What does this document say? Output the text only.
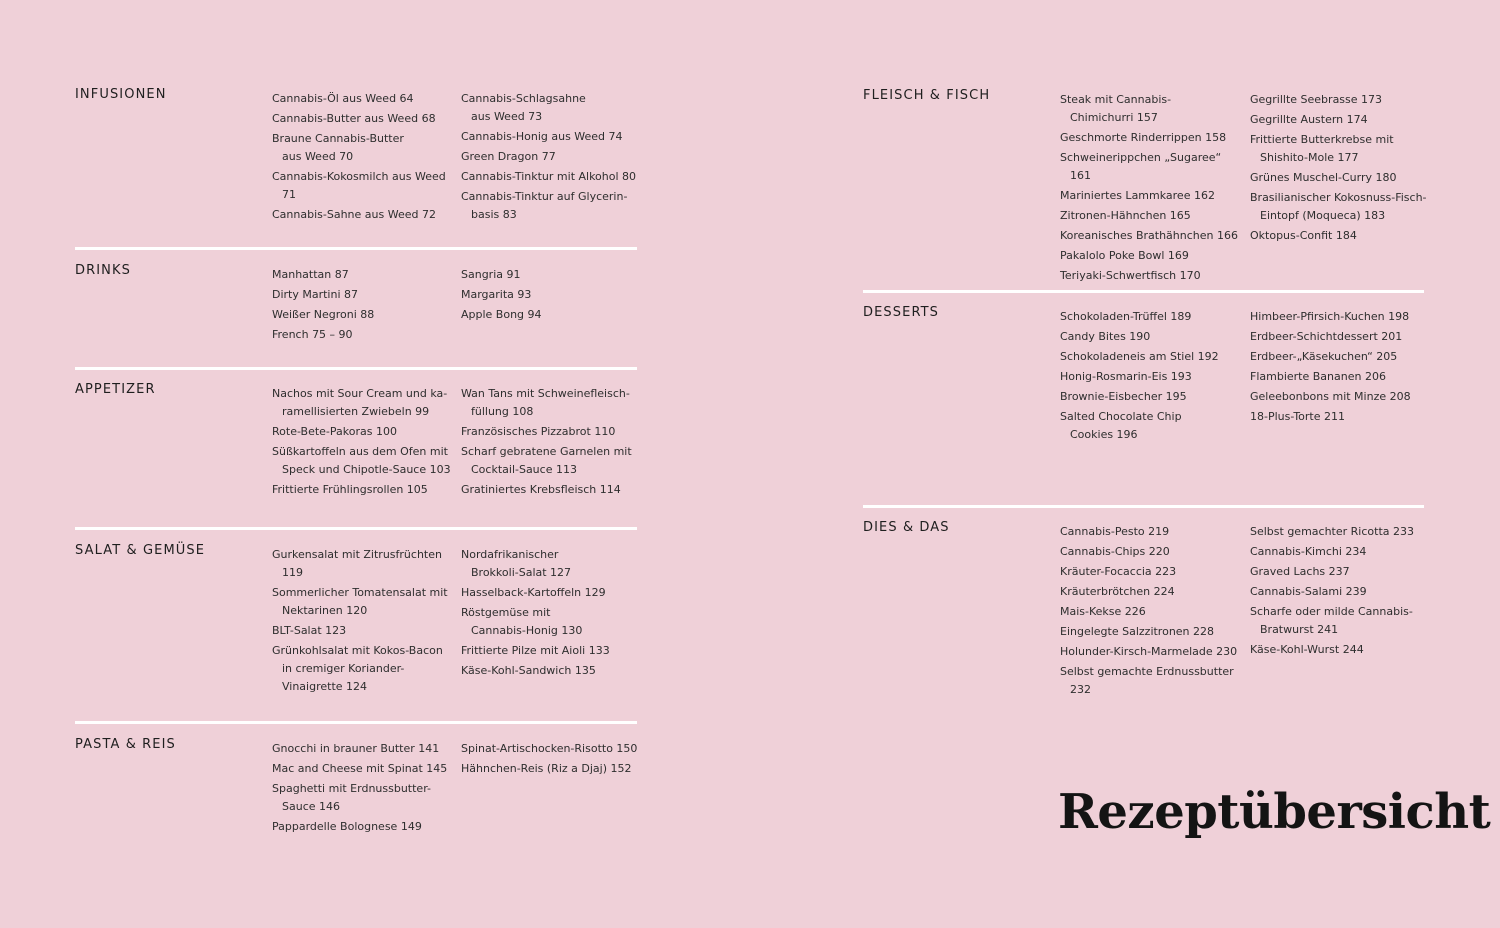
INFUSIONEN	Cannabis-Öl aus Weed 64
Cannabis-Butter aus Weed 68
Braune Cannabis-Butter
aus Weed 70
Cannabis-Kokosmilch aus Weed 71
Cannabis-Sahne aus Weed 72
Cannabis-Schlagsahne
aus Weed 73
Cannabis-Honig aus Weed 74
Green Dragon 77
Cannabis-Tinktur mit Alkohol 80
Cannabis-Tinktur auf Glycerin-
basis 83
DRINKS	Manhattan 87
Dirty Martini 87
Weißer Negroni 88
French 75 – 90
Sangria 91
Margarita 93
Apple Bong 94
APPETIZER	Nachos mit Sour Cream und ka-
ramellisierten Zwiebeln 99
Rote-Bete-Pakoras 100
Süßkartoffeln aus dem Ofen mit
Speck und Chipotle-Sauce 103
Frittierte Frühlingsrollen 105
Wan Tans mit Schweinefleisch-
füllung 108
Französisches Pizzabrot 110
Scharf gebratene Garnelen mit
Cocktail-Sauce 113
Gratiniertes Krebsfleisch 114
SALAT & GEMÜSE	Gurkensalat mit Zitrusfrüchten 119
Sommerlicher Tomatensalat mit
Nektarinen 120
BLT-Salat 123
Grünkohlsalat mit Kokos-Bacon
in cremiger Koriander-
Vinaigrette 124
Nordafrikanischer
Brokkoli-Salat 127
Hasselback-Kartoffeln 129
Röstgemüse mit
Cannabis-Honig 130
Frittierte Pilze mit Aioli 133
Käse-Kohl-Sandwich 135
PASTA & REIS	Gnocchi in brauner Butter 141
Mac and Cheese mit Spinat 145
Spaghetti mit Erdnussbutter-
Sauce 146
Pappardelle Bolognese 149
Spinat-Artischocken-Risotto 150
Hähnchen-Reis (Riz a Djaj) 152
FLEISCH & FISCH	Steak mit Cannabis-
Chimichurri 157
Geschmorte Rinderrippen 158
Schweinerippchen „Sugaree“ 161
Mariniertes Lammkaree 162
Zitronen-Hähnchen 165
Koreanisches Brathähnchen 166
Pakalolo Poke Bowl 169
Teriyaki-Schwertfisch 170
Gegrillte Seebrasse 173
Gegrillte Austern 174
Frittierte Butterkrebse mit
Shishito-Mole 177
Grünes Muschel-Curry 180
Brasilianischer Kokosnuss-Fisch-
Eintopf (Moqueca) 183
Oktopus-Confit 184
DESSERTS	Schokoladen-Trüffel 189
Candy Bites 190
Schokoladeneis am Stiel 192
Honig-Rosmarin-Eis 193
Brownie-Eisbecher 195
Salted Chocolate Chip
Cookies 196
Himbeer-Pfirsich-Kuchen 198
Erdbeer-Schichtdessert 201
Erdbeer-„Käsekuchen“ 205
Flambierte Bananen 206
Geleebonbons mit Minze 208
18-Plus-Torte 211
DIES & DAS	Cannabis-Pesto 219
Cannabis-Chips 220
Kräuter-Focaccia 223
Kräuterbrötchen 224
Mais-Kekse 226
Eingelegte Salzzitronen 228
Holunder-Kirsch-Marmelade 230
Selbst gemachte Erdnussbutter 232
Selbst gemachter Ricotta 233
Cannabis-Kimchi 234
Graved Lachs 237
Cannabis-Salami 239
Scharfe oder milde Cannabis-
Bratwurst 241
Käse-Kohl-Wurst 244
Rezeptübersicht
